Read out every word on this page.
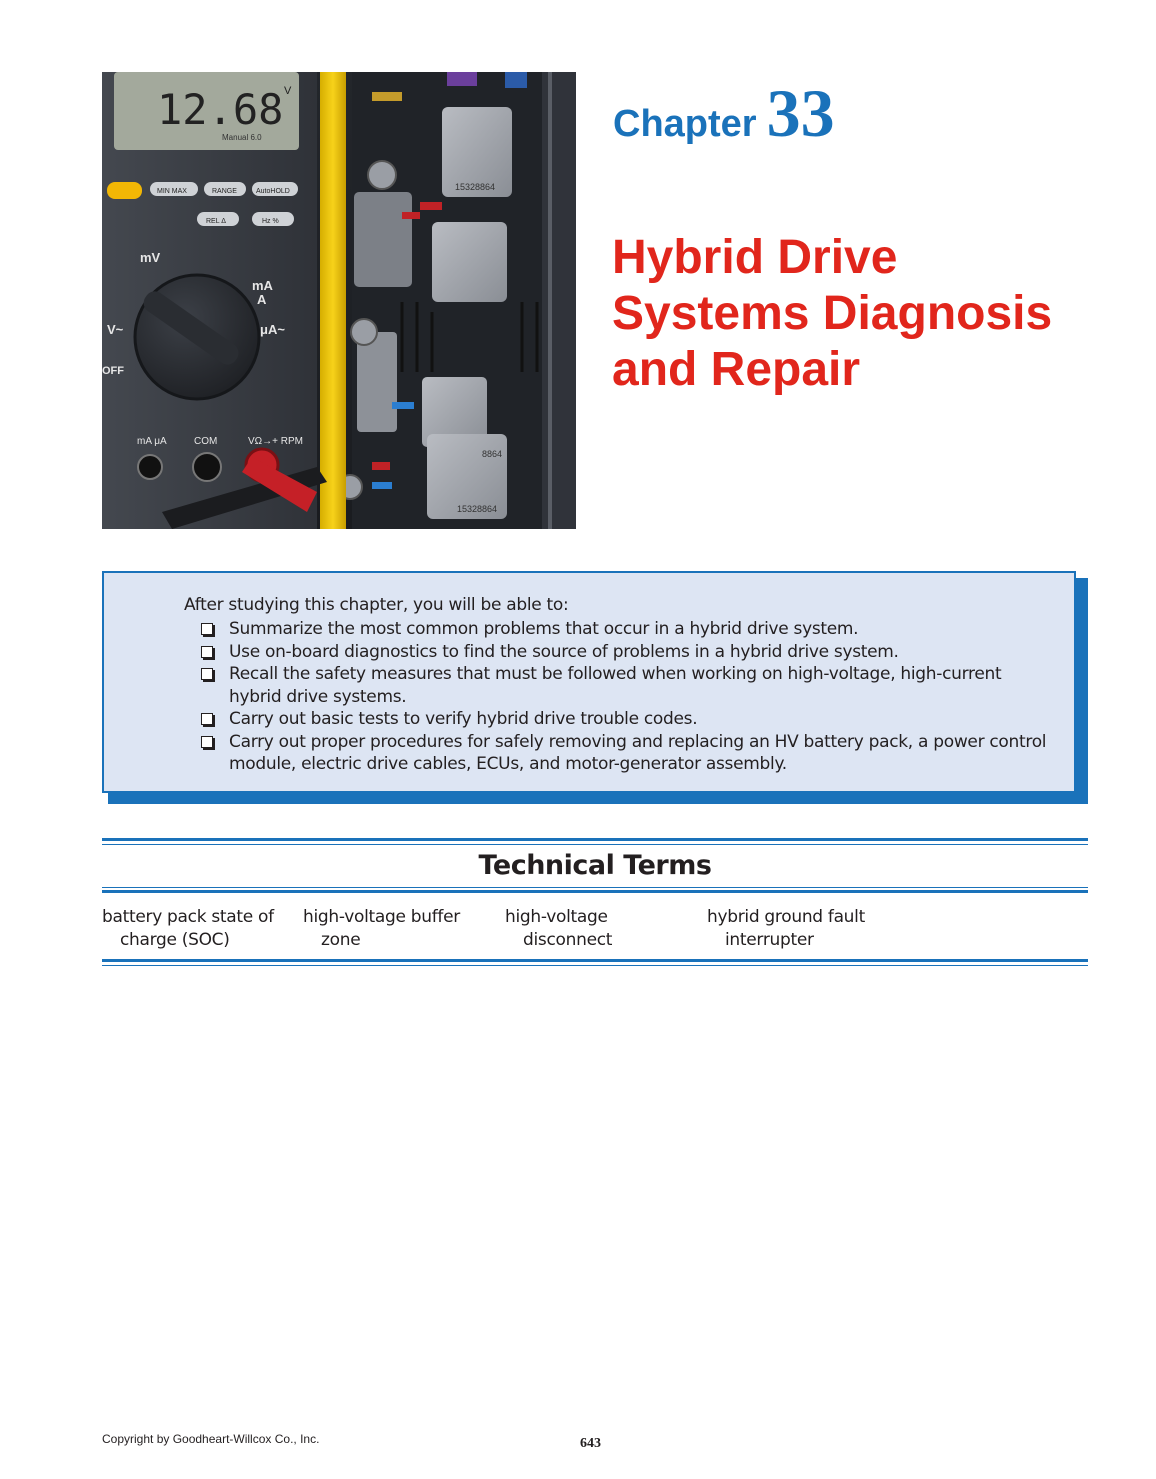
15328864
15328864
8864
12.68 V
Manual 6.0
MIN MAX	RANGE	AutoHOLD
REL Δ	Hz %
mV
mA
A
μA~
V~
OFF
mA μA	COM	VΩ→+ RPM
Chapter 33
Hybrid Drive
Systems Diagnosis
and Repair
After studying this chapter, you will be able to:
Summarize the most common problems that occur in a hybrid drive system.
Use on-board diagnostics to find the source of problems in a hybrid drive system.
Recall the safety measures that must be followed when working on high-voltage, high-current
hybrid drive systems.
Carry out basic tests to verify hybrid drive trouble codes.
Carry out proper procedures for safely removing and replacing an HV battery pack, a power control
module, electric drive cables, ECUs, and motor-generator assembly.
Technical Terms
battery pack state of
charge (SOC)
high-voltage buffer
zone
high-voltage
disconnect
hybrid ground fault
interrupter
Copyright by Goodheart-Willcox Co., Inc.	643
